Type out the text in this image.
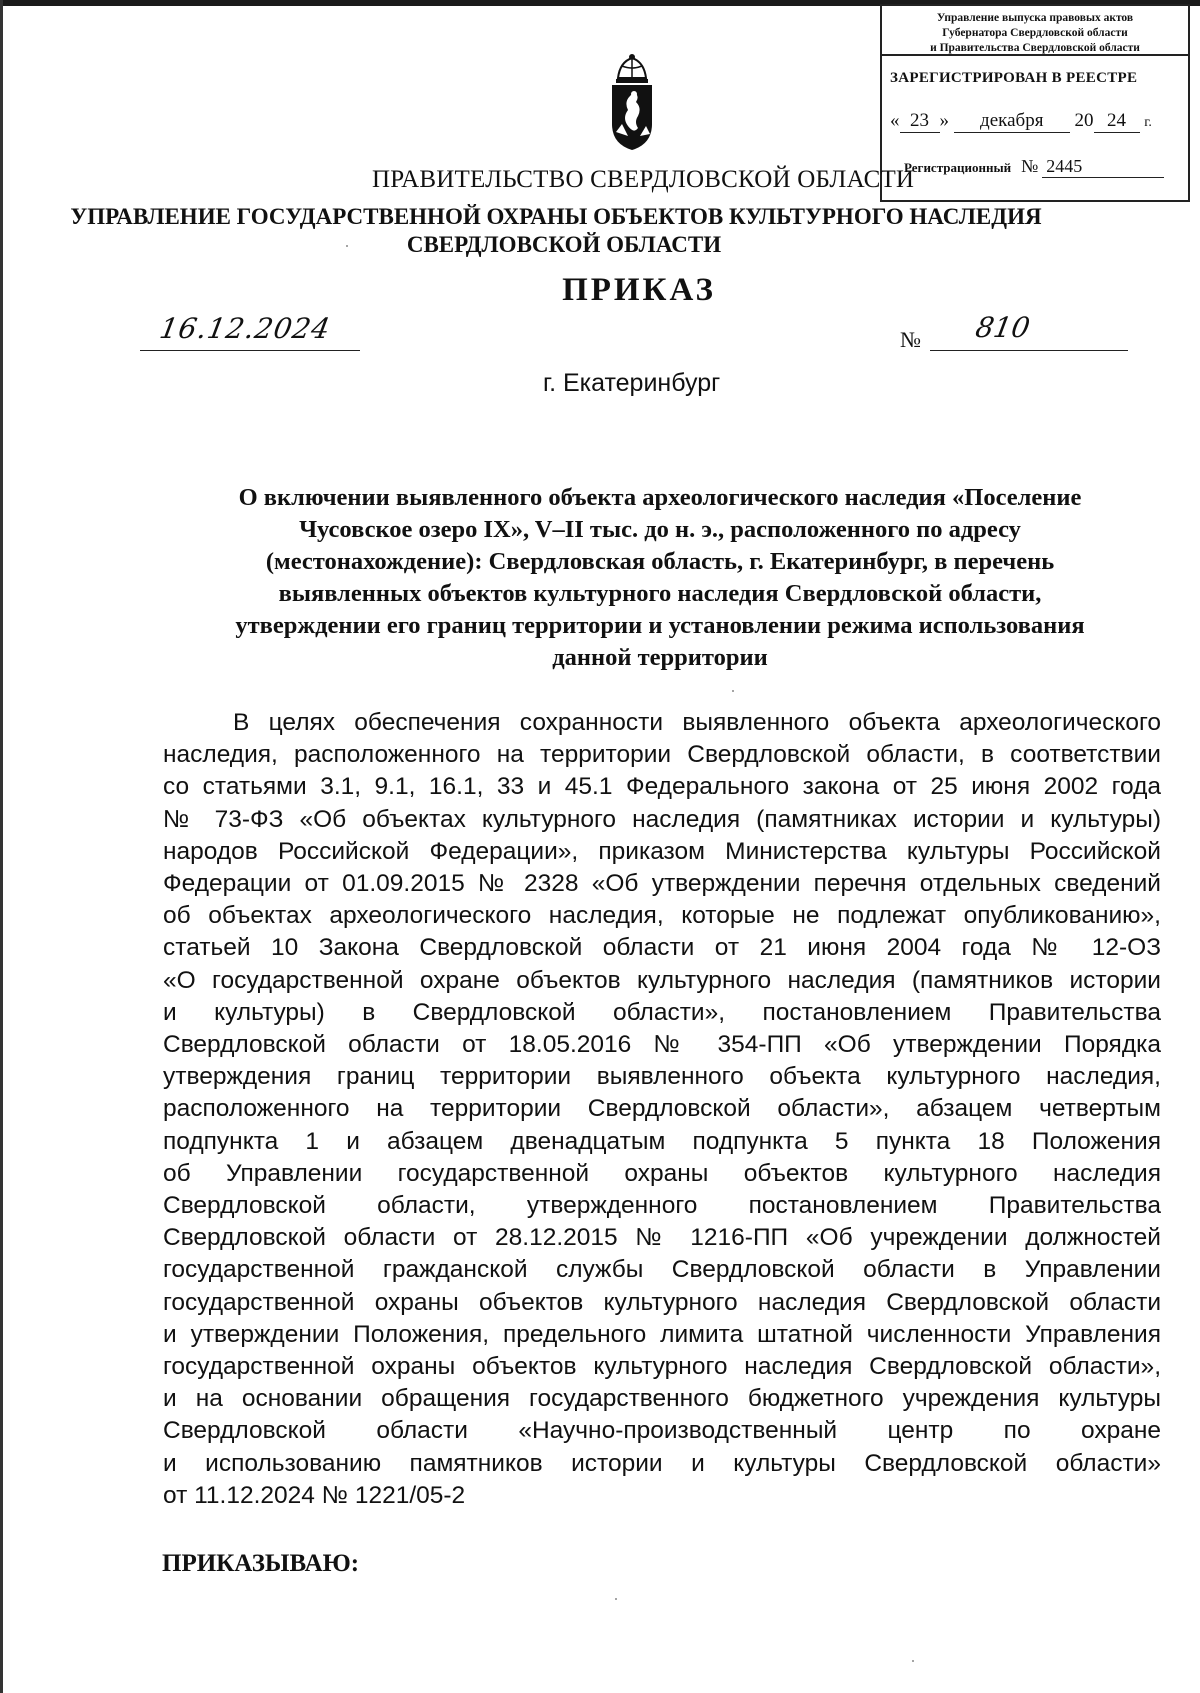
Управление выпуска правовых актов
Губернатора Свердловской области
и Правительства Свердловской области
ЗАРЕГИСТРИРОВАН В РЕЕСТРЕ
« 23 » декабря 20 24 г.
Регистрационный № 2445
ПРАВИТЕЛЬСТВО СВЕРДЛОВСКОЙ ОБЛАСТИ
УПРАВЛЕНИЕ ГОСУДАРСТВЕННОЙ ОХРАНЫ ОБЪЕКТОВ КУЛЬТУРНОГО НАСЛЕДИЯ
СВЕРДЛОВСКОЙ ОБЛАСТИ
ПРИКАЗ
16.12.2024	№ 810
г. Екатеринбург
О включении выявленного объекта археологического наследия «Поселение
Чусовское озеро IX», V–II тыс. до н. э., расположенного по адресу
(местонахождение): Свердловская область, г. Екатеринбург, в перечень
выявленных объектов культурного наследия Свердловской области,
утверждении его границ территории и установлении режима использования
данной территории
В целях обеспечения сохранности выявленного объекта археологического
наследия, расположенного на территории Свердловской области, в соответствии
со статьями 3.1, 9.1, 16.1, 33 и 45.1 Федерального закона от 25 июня 2002 года
№ 73-ФЗ «Об объектах культурного наследия (памятниках истории и культуры)
народов Российской Федерации», приказом Министерства культуры Российской
Федерации от 01.09.2015 № 2328 «Об утверждении перечня отдельных сведений
об объектах археологического наследия, которые не подлежат опубликованию»,
статьей 10 Закона Свердловской области от 21 июня 2004 года № 12-ОЗ
«О государственной охране объектов культурного наследия (памятников истории
и культуры) в Свердловской области», постановлением Правительства
Свердловской области от 18.05.2016 № 354-ПП «Об утверждении Порядка
утверждения границ территории выявленного объекта культурного наследия,
расположенного на территории Свердловской области», абзацем четвертым
подпункта 1 и абзацем двенадцатым подпункта 5 пункта 18 Положения
об Управлении государственной охраны объектов культурного наследия
Свердловской области, утвержденного постановлением Правительства
Свердловской области от 28.12.2015 № 1216-ПП «Об учреждении должностей
государственной гражданской службы Свердловской области в Управлении
государственной охраны объектов культурного наследия Свердловской области
и утверждении Положения, предельного лимита штатной численности Управления
государственной охраны объектов культурного наследия Свердловской области»,
и на основании обращения государственного бюджетного учреждения культуры
Свердловской области «Научно-производственный центр по охране
и использованию памятников истории и культуры Свердловской области»
от 11.12.2024 № 1221/05-2
ПРИКАЗЫВАЮ:
